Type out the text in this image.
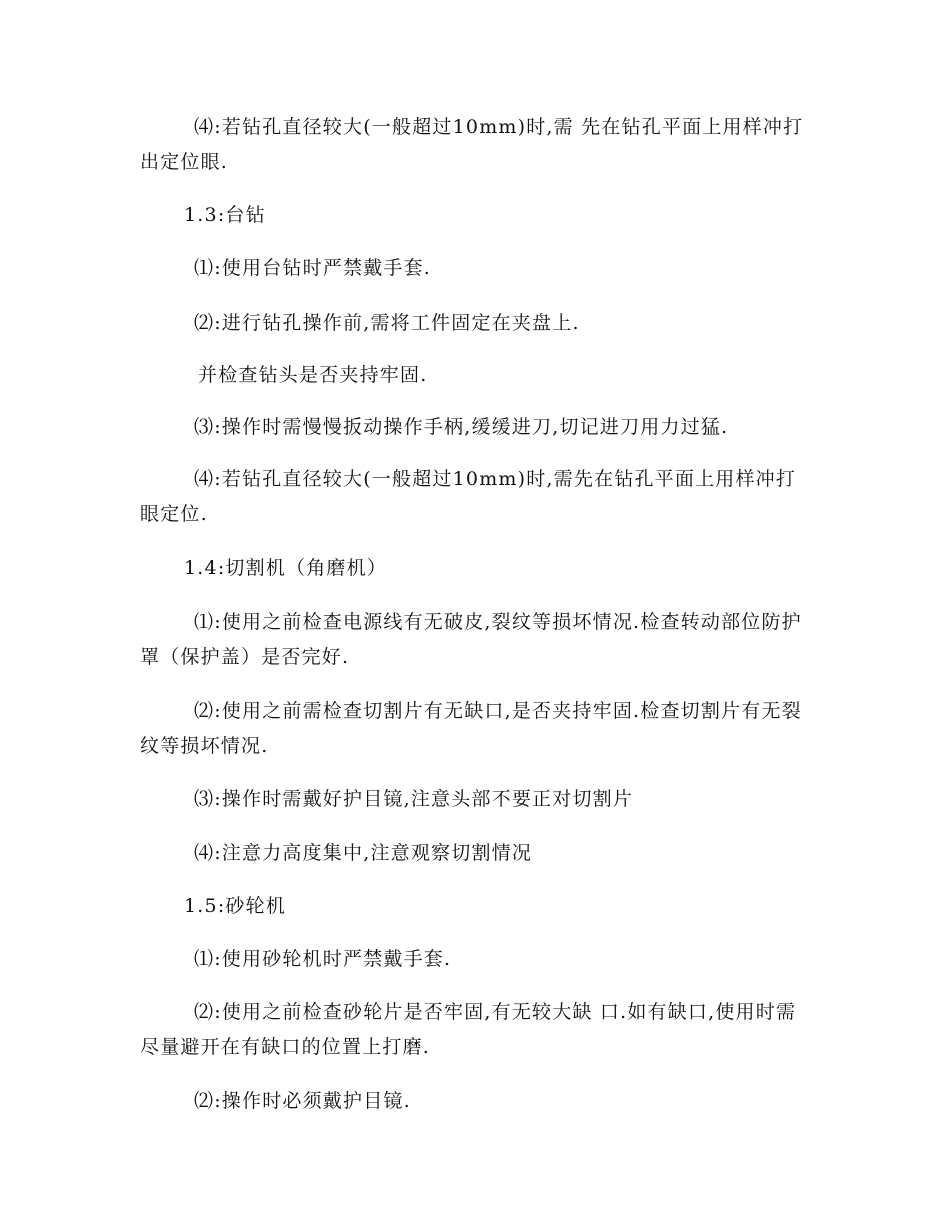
⑷:若钻孔直径较大(一般超过10mm)时,需 先在钻孔平面上用样冲打出定位眼.

1.3:台钻

⑴:使用台钻时严禁戴手套.

⑵:进行钻孔操作前,需将工件固定在夹盘上.

并检查钻头是否夹持牢固.

⑶:操作时需慢慢扳动操作手柄,缓缓进刀,切记进刀用力过猛.

⑷:若钻孔直径较大(一般超过10mm)时,需先在钻孔平面上用样冲打眼定位.

1.4:切割机（角磨机）

⑴:使用之前检查电源线有无破皮,裂纹等损坏情况.检查转动部位防护罩（保护盖）是否完好.

⑵:使用之前需检查切割片有无缺口,是否夹持牢固.检查切割片有无裂纹等损坏情况.

⑶:操作时需戴好护目镜,注意头部不要正对切割片

⑷:注意力高度集中,注意观察切割情况

1.5:砂轮机

⑴:使用砂轮机时严禁戴手套.

⑵:使用之前检查砂轮片是否牢固,有无较大缺 口.如有缺口,使用时需尽量避开在有缺口的位置上打磨.

⑵:操作时必须戴护目镜.
